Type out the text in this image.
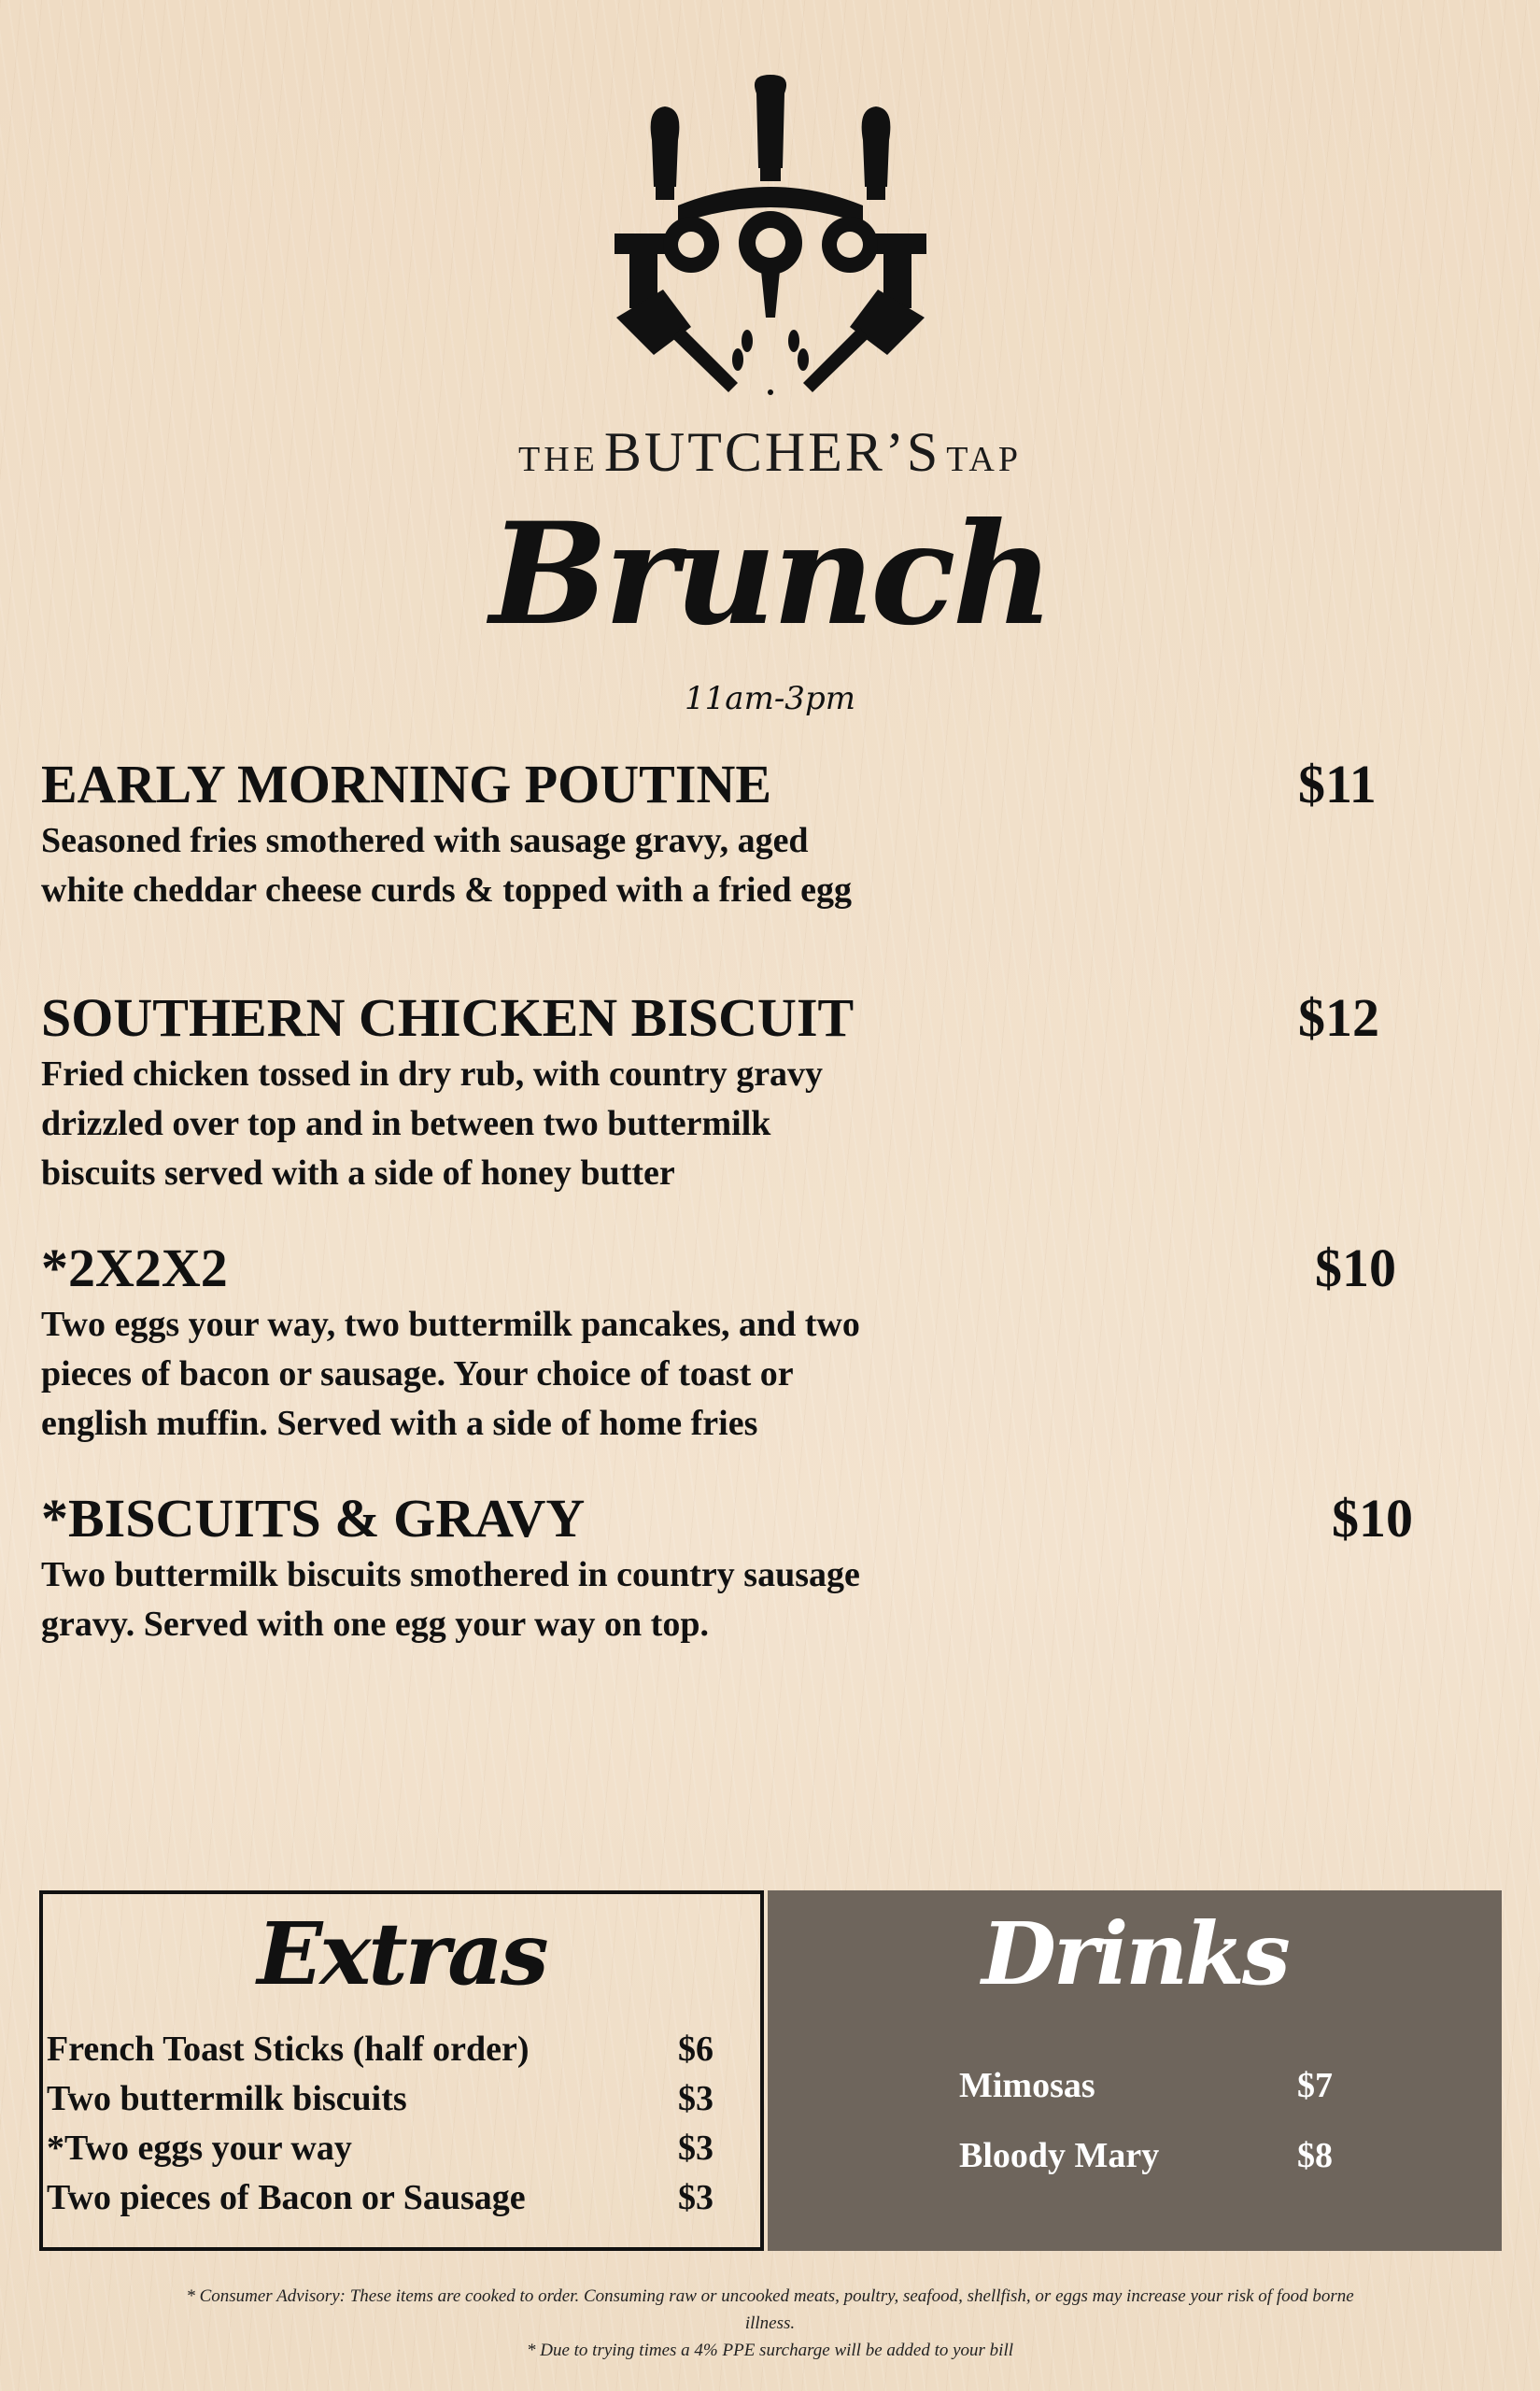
THE BUTCHER’S TAP
Brunch
11am-3pm
EARLY MORNING POUTINE	$11
Seasoned fries smothered with sausage gravy, aged
white cheddar cheese curds & topped with a fried egg
SOUTHERN CHICKEN BISCUIT	$12
Fried chicken tossed in dry rub, with country gravy
drizzled over top and in between two buttermilk
biscuits served with a side of honey butter
*2X2X2	$10
Two eggs your way, two buttermilk pancakes, and two
pieces of bacon or sausage. Your choice of toast or
english muffin. Served with a side of home fries
*BISCUITS & GRAVY	$10
Two buttermilk biscuits smothered in country sausage
gravy. Served with one egg your way on top.
Extras
French Toast Sticks (half order)	$6
Two buttermilk biscuits	$3
*Two eggs your way	$3
Two pieces of Bacon or Sausage	$3
Drinks
Mimosas	$7
Bloody Mary	$8
* Consumer Advisory: These items are cooked to order. Consuming raw or uncooked meats, poultry, seafood, shellfish, or eggs may increase your risk of food borne illness.
* Due to trying times a 4% PPE surcharge will be added to your bill
